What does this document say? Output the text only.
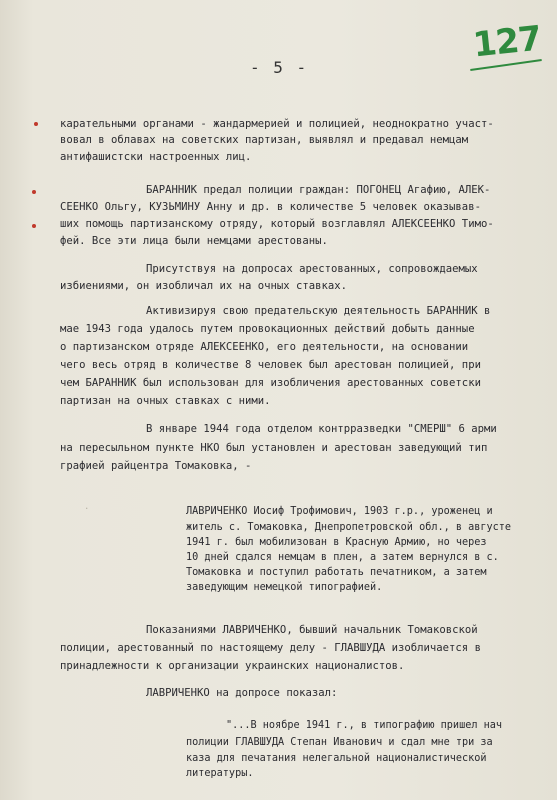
- 5 -
127
карательными органами - жандармерией и полицией, неоднократно участ-
вовал в облавах на советских партизан, выявлял и предавал немцам
антифашистски настроенных лиц.
БАРАННИК предал полиции граждан: ПОГОНЕЦ Агафию, АЛЕК-
СЕЕНКО Ольгу, КУЗЬМИНУ Анну и др. в количестве 5 человек оказывав-
ших помощь партизанскому отряду, который возглавлял АЛЕКСЕЕНКО Тимо-
фей. Все эти лица были немцами арестованы.
Присутствуя на допросах арестованных, сопровождаемых
избиениями, он изобличал их на очных ставках.
Активизируя свою предательскую деятельность БАРАННИК в
мае 1943 года удалось путем провокационных действий добыть данные
о партизанском отряде АЛЕКСЕЕНКО, его деятельности, на основании
чего весь отряд в количестве 8 человек был арестован полицией, при
чем БАРАННИК был использован для изобличения арестованных советски
партизан на очных ставках с ними.
В январе 1944 года отделом контрразведки "СМЕРШ" 6 арми
на пересыльном пункте НКО был установлен и арестован заведующий тип
графией райцентра Томаковка, -
.	ЛАВРИЧЕНКО Иосиф Трофимович, 1903 г.р., уроженец и
житель с. Томаковка, Днепропетровской обл., в августе
1941 г. был мобилизован в Красную Армию, но через
10 дней сдался немцам в плен, а затем вернулся в с.
Томаковка и поступил работать печатником, а затем
заведующим немецкой типографией.
Показаниями ЛАВРИЧЕНКО, бывший начальник Томаковской
полиции, арестованный по настоящему делу - ГЛАВШУДА изобличается в
принадлежности к организации украинских националистов.
ЛАВРИЧЕНКО на допросе показал:
"...В ноябре 1941 г., в типографию пришел нач
полиции ГЛАВШУДА Степан Иванович и сдал мне три за
каза для печатания нелегальной националистической
литературы.
